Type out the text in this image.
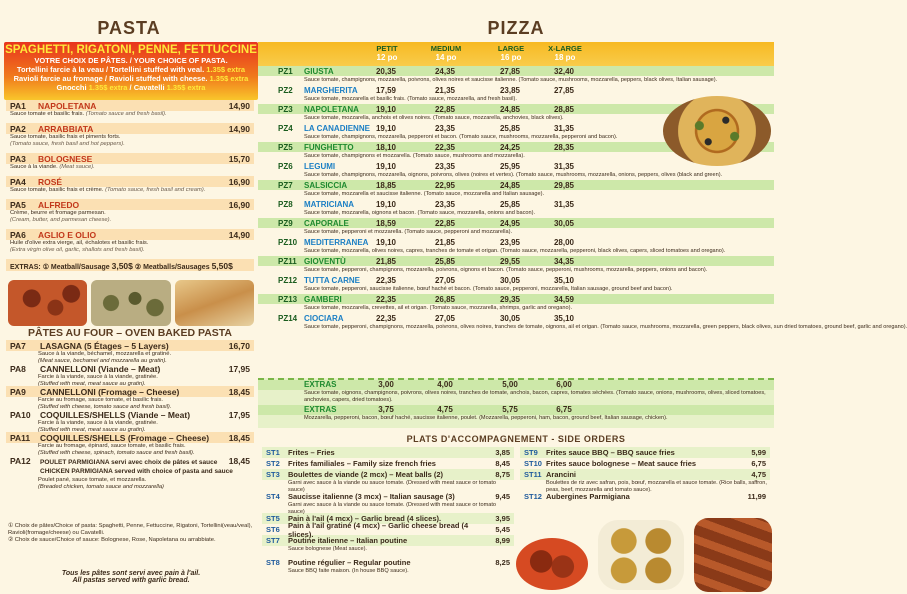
PASTA
SPAGHETTI, RIGATONI, PENNE, FETTUCCINE
VOTRE CHOIX DE PÂTES. / YOUR CHOICE OF PASTA.
Tortellini farcie à la veau / Tortellini stuffed with veal. 1.35$ extra
Ravioli farcie au fromage / Ravioli stuffed with cheese. 1.35$ extra
Gnocchi 1.35$ extra / Cavatelli 1.35$ extra
PA1 NAPOLETANA	14,90
Sauce tomate et basilic frais. (Tomato sauce and fresh basil).
PA2 ARRABBIATA	14,90
Sauce tomate, basilic frais et piments forts.
(Tomato sauce, fresh basil and hot peppers).
PA3 BOLOGNESE	15,70
Sauce à la viande. (Meat sauce).
PA4 ROSÉ	16,90
Sauce tomate, basilic frais et crème. (Tomato sauce, fresh basil and cream).
PA5 ALFREDO	16,90
Crème, beurre et fromage parmesan.
(Cream, butter, and parmesan cheese).
PA6 AGLIO E OLIO	14,90
Huile d'olive extra vierge, ail, échalotes et basilic frais.
(Extra virgin olive oil, garlic, shallots and fresh basil).
EXTRAS: ① Meatball/Sausage 3,50$ ② Meatballs/Sausages 5,50$
PÂTES AU FOUR – OVEN BAKED PASTA
PA7 LASAGNA (5 Étages – 5 Layers)	16,70
Sauce à la viande, béchamel, mozzarella et gratiné.
(Meat sauce, bechamel and mozzarella au gratin).
PA8 CANNELLONI (Viande – Meat)	17,95
Farcie à la viande, sauce à la viande, gratinée.
(Stuffed with meat, meat sauce au gratin).
PA9 CANNELLONI (Fromage – Cheese)	18,45
Farcie au fromage, sauce tomate, et basilic frais.
(Stuffed with cheese, tomato sauce and fresh basil).
PA10 COQUILLES/SHELLS (Viande – Meat)	17,95
Farcie à la viande, sauce à la viande, gratinée.
(Stuffed with meat, meat sauce au gratin).
PA11 COQUILLES/SHELLS (Fromage – Cheese) 18,45
Farcie au fromage, épinard, sauce tomate, et basilic frais.
(Stuffed with cheese, spinach, tomato sauce and fresh basil).
PA12 POULET PARMIGIANA servi avec choix de pâtes et sauce 18,45
CHICKEN PARMIGIANA served with choice of pasta and sauce
Poulet pané, sauce tomate, et mozzarella.
(Breaded chicken, tomato sauce and mozzarella)
① Choix de pâtes/Choice of pasta: Spaghetti, Penne, Fettuccine, Rigatoni, Tortellini(veau/veal), Ravioli(fromage/cheese) ou Cavatelli.
② Choix de sauce/Choice of sauce: Bolognese, Rose, Napoletana ou arrabbiate.
Tous les pâtes sont servi avec pain à l'ail.
All pastas served with garlic bread.
PIZZA
PETIT
12 po
MEDIUM
14 po
LARGE
16 po
X-LARGE
18 po
PZ1 GIUSTA	20,35	24,35	27,85	32,40
Sauce tomate, champignons, mozzarella, poivrons, olives noires et saucisse italienne. (Tomato sauce, mushrooms, mozzarella, peppers, black olives, Italian sausage).
PZ2 MARGHERITA	17,59	21,35	23,85	27,85
Sauce tomate, mozzarella et basilic frais. (Tomato sauce, mozzarella, and fresh basil).
PZ3 NAPOLETANA	19,10	22,85	24,85	28,85
Sauce tomate, mozzarella, anchois et olives noires. (Tomato sauce, mozzarella, anchovies, black olives).
PZ4 LA CANADIENNE 19,10	23,35	25,85	31,35
Sauce tomate, champignons, mozzarella, pepperoni et bacon. (Tomato sauce, mushrooms, mozzarella, pepperoni and bacon).
PZ5 FUNGHETTO	18,10	22,35	24,25	28,35
Sauce tomate, champignons et mozzarella. (Tomato sauce, mushrooms and mozzarella).
PZ6 LEGUMI	19,10	23,35	25,95	31,35
Sauce tomate, champignons, mozzarella, oignons, poivrons, olives (noires et vertes). (Tomato sauce, mushrooms, mozzarella, onions, peppers, olives (black and green).
PZ7 SALSICCIA	18,85	22,95	24,85	29,85
Sauce tomate, mozzarella et saucisse italienne. (Tomato sauce, mozzarella and Italian sausage).
PZ8 MATRICIANA	19,10	23,35	25,85	31,35
Sauce tomate, mozzarella, oignons et bacon. (Tomato sauce, mozzarella, onions and bacon).
PZ9 CAPORALE	18,59	22,85	24,95	30,05
Sauce tomate, pepperoni et mozzarella. (Tomato sauce, pepperoni and mozzarella).
PZ10 MEDITERRANEA 19,10	21,85	23,95	28,00
Sauce tomate, mozzarella, olives noires, capres, tranches de tomate et origan. (Tomato sauce, mozzarella, pepperoni, black olives, capers, sliced tomatoes and oregano).
PZ11 GIOVENTÙ	21,85	25,85	29,55	34,35
Sauce tomate, pepperoni, champignons, mozzarella, poivrons, oignons et bacon. (Tomato sauce, pepperoni, mushrooms, mozzarella, peppers, onions and bacon).
PZ12 TUTTA CARNE	22,35	27,05	30,05	35,10
Sauce tomate, pepperoni, saucisse italienne, bœuf haché et bacon. (Tomato sauce, pepperoni, mozzarella, Italian sausage, ground beef and bacon).
PZ13 GAMBERI	22,35	26,85	29,35	34,59
Sauce tomate, mozzarella, crevettes, ail et origan. (Tomato sauce, mozzarella, shrimps, garlic and oregano).
PZ14 CIOCIARA	22,35	27,05	30,05	35,10
Sauce tomate, pepperoni, champignons, mozzarella, poivrons, olives noires, tranches de tomate, oignons, ail et origan. (Tomato sauce, mushrooms, mozzarella, green peppers, black olives, sun dried tomatoes, ground beef, garlic and oregano).
EXTRAS	3,00	4,00	5,00	6,00
Sauce tomate, oignons, champignons, poivrons, olives noires, tranches de tomate, anchois, bacon, capres, tomates séchées. (Tomato sauce, onions, mushrooms, olives, sliced tomatoes, anchovies, capers, dried tomatoes).
EXTRAS	3,75	4,75	5,75	6,75
Mozzarella, pepperoni, bacon, bœuf haché, saucisse italienne, poulet. (Mozzarella, pepperoni, ham, bacon, ground beef, Italian sausage, chicken).
PLATS D'ACCOMPAGNEMENT - SIDE ORDERS
ST1	Frites – Fries	3,85
ST2	Frites familiales – Family size french fries	8,45
ST3	Boulettes de viande (2 mcx) – Meat balls (2)	8,75
Garni avec sauce à la viande ou sauce tomate. (Dressed with meat sauce or tomato sauce)
ST4	Saucisse italienne (3 mcx) – Italian sausage (3)	9,45
Garni avec sauce à la viande ou sauce tomate. (Dressed with meat sauce or tomato sauce)
ST5	Pain à l'ail (4 mcx) – Garlic bread (4 slices).	3,95
ST6	Pain à l'ail gratiné (4 mcx) – Garlic cheese bread (4 slices).	5,45
ST7	Poutine italienne – Italian poutine	8,99
Sauce bolognese (Meat sauce).
ST8	Poutine régulier – Regular poutine	8,25
Sauce BBQ faite maison. (In house BBQ sauce).
ST9	Frites sauce BBQ – BBQ sauce fries	5,99
ST10 Frites sauce bolognese – Meat sauce fries	6,75
ST11 Arancini	4,75
Boulettes de riz avec safran, pois, bœuf, mozzarella et sauce tomate. (Rice balls, saffron, peas, beef, mozzarella and tomato sauce).
ST12 Aubergines Parmigiana	11,99
